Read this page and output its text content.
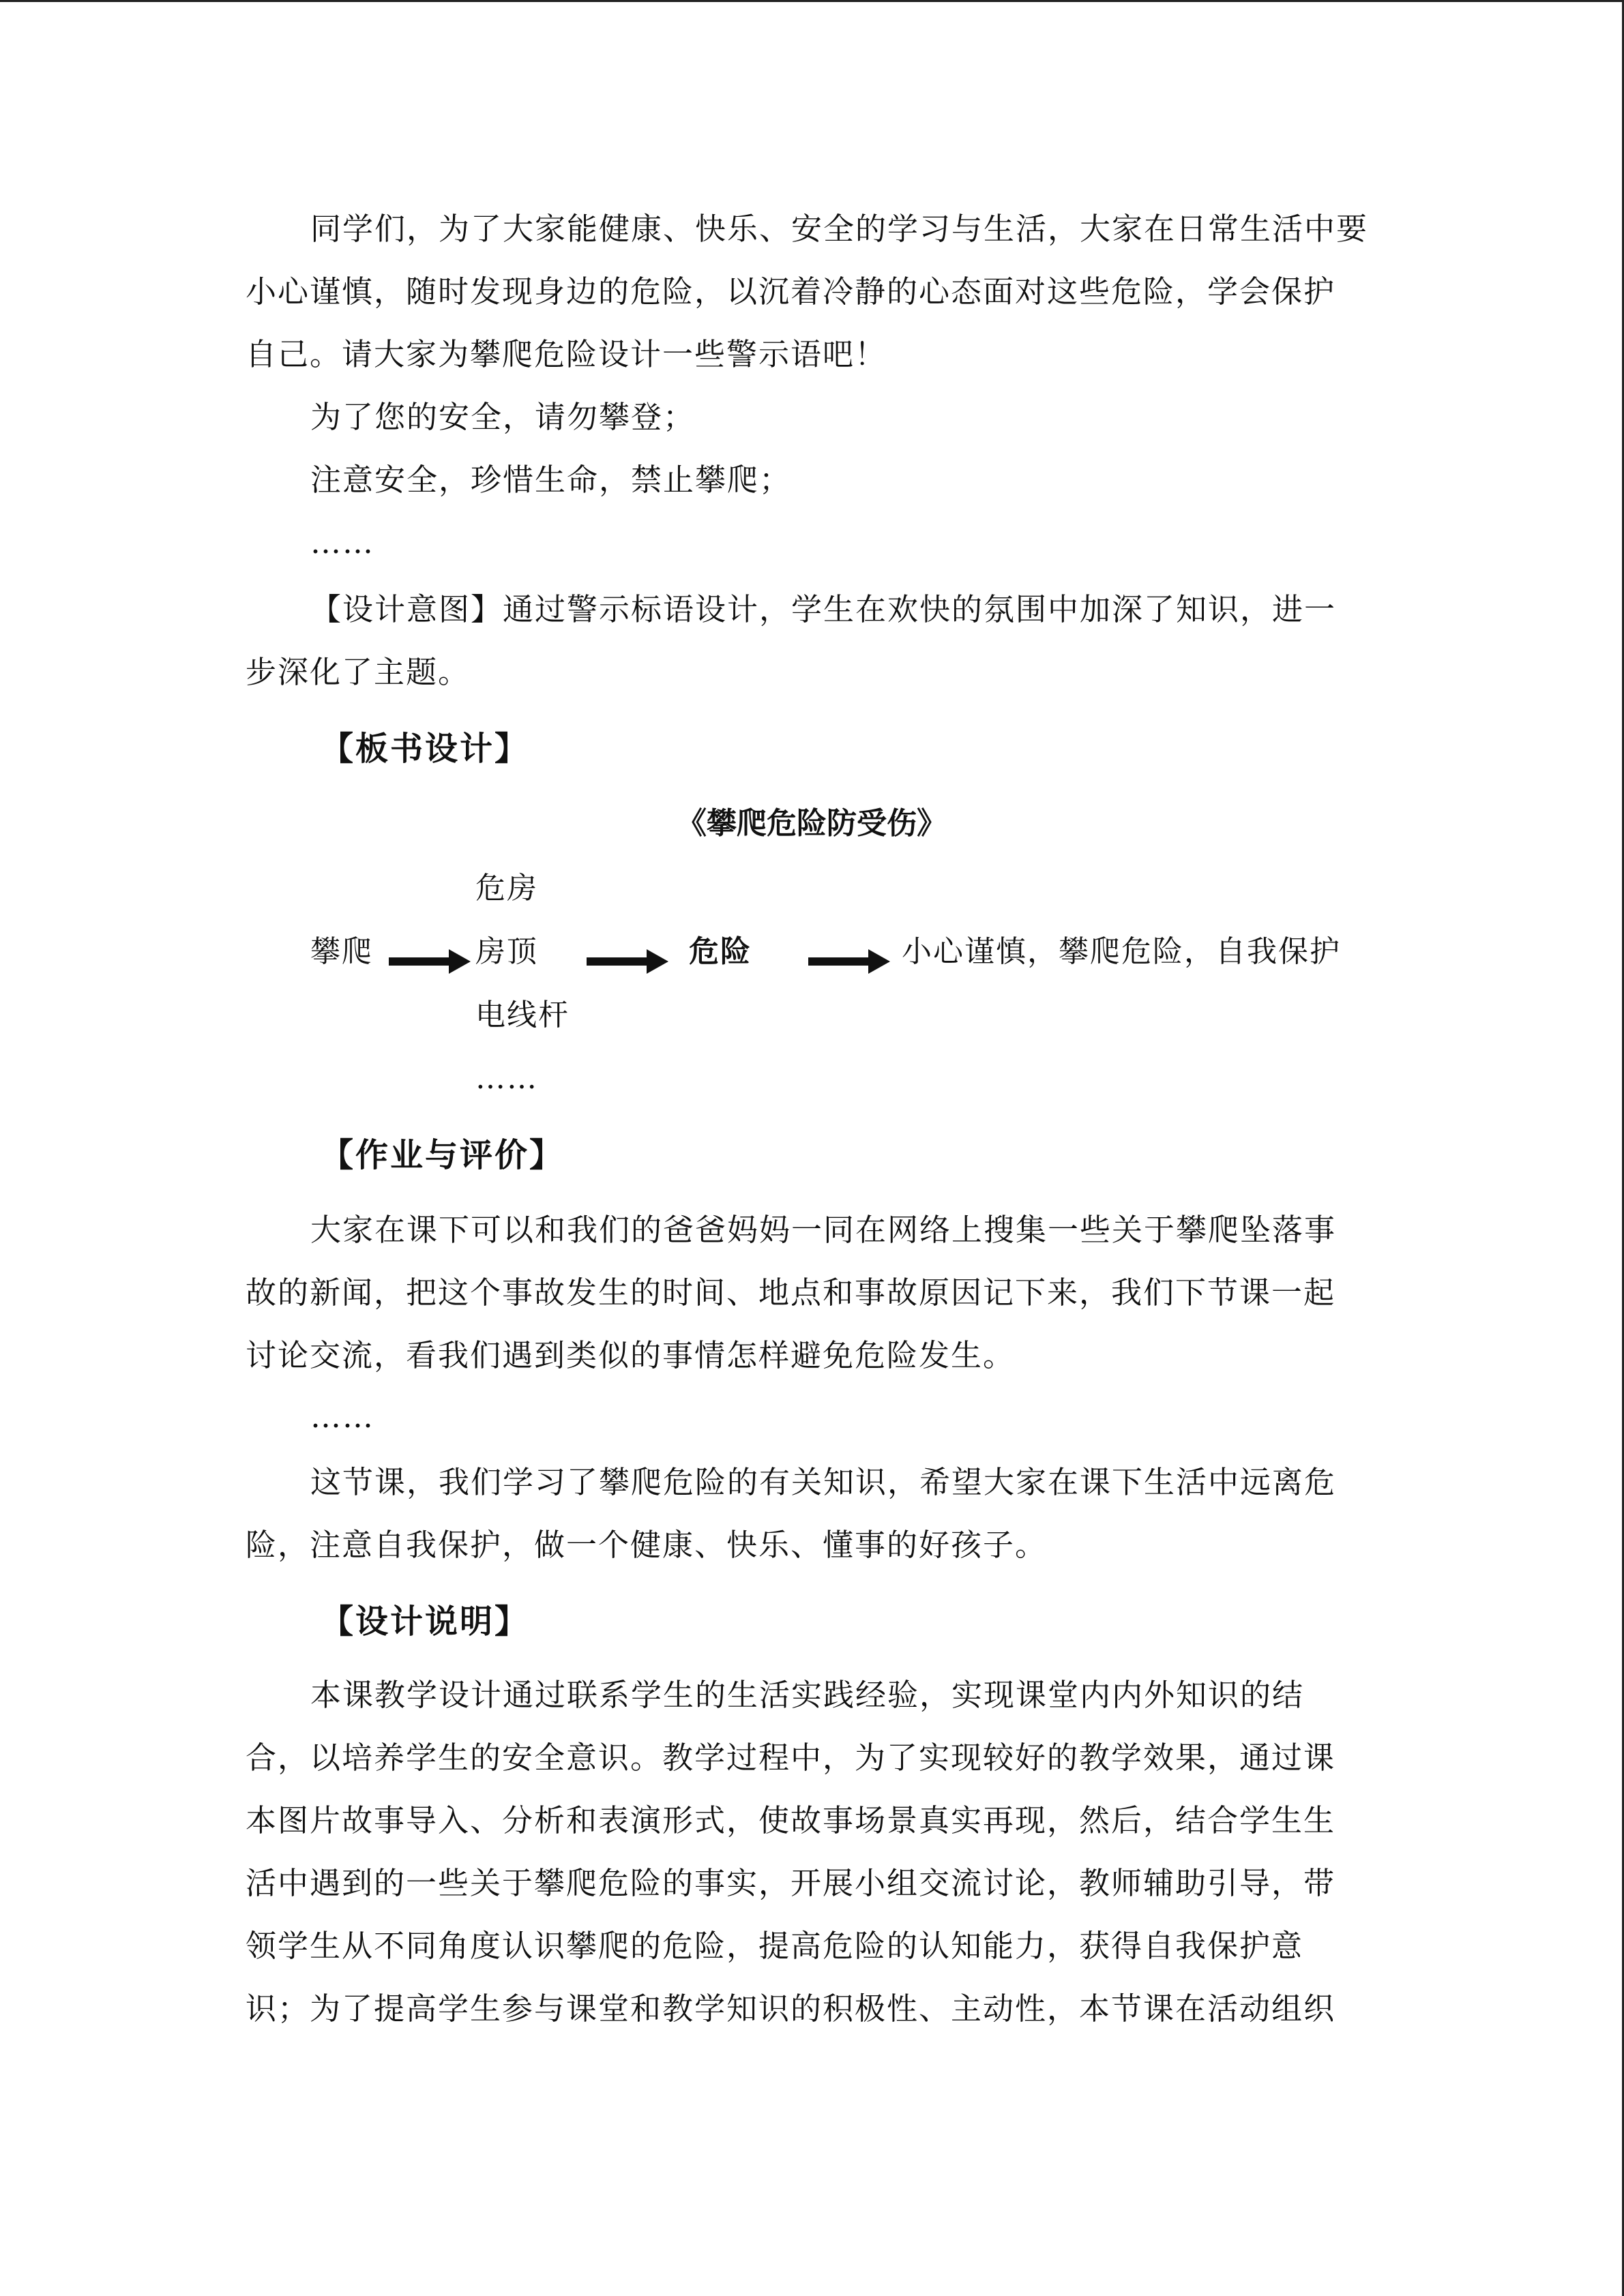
同学们，为了大家能健康、快乐、安全的学习与生活，大家在日常生活中要
小心谨慎，随时发现身边的危险，以沉着冷静的心态面对这些危险，学会保护
自己。请大家为攀爬危险设计一些警示语吧！
为了您的安全，请勿攀登；
注意安全，珍惜生命，禁止攀爬；
……
【设计意图】通过警示标语设计，学生在欢快的氛围中加深了知识，进一
步深化了主题。
【板书设计】
《攀爬危险防受伤》
攀爬
危房
房顶
电线杆
……
危险	小心谨慎，攀爬危险，自我保护
【作业与评价】
大家在课下可以和我们的爸爸妈妈一同在网络上搜集一些关于攀爬坠落事
故的新闻，把这个事故发生的时间、地点和事故原因记下来，我们下节课一起
讨论交流，看我们遇到类似的事情怎样避免危险发生。
……
这节课，我们学习了攀爬危险的有关知识，希望大家在课下生活中远离危
险，注意自我保护，做一个健康、快乐、懂事的好孩子。
【设计说明】
本课教学设计通过联系学生的生活实践经验，实现课堂内内外知识的结
合，以培养学生的安全意识。教学过程中，为了实现较好的教学效果，通过课
本图片故事导入、分析和表演形式，使故事场景真实再现，然后，结合学生生
活中遇到的一些关于攀爬危险的事实，开展小组交流讨论，教师辅助引导，带
领学生从不同角度认识攀爬的危险，提高危险的认知能力，获得自我保护意
识；为了提高学生参与课堂和教学知识的积极性、主动性，本节课在活动组织
